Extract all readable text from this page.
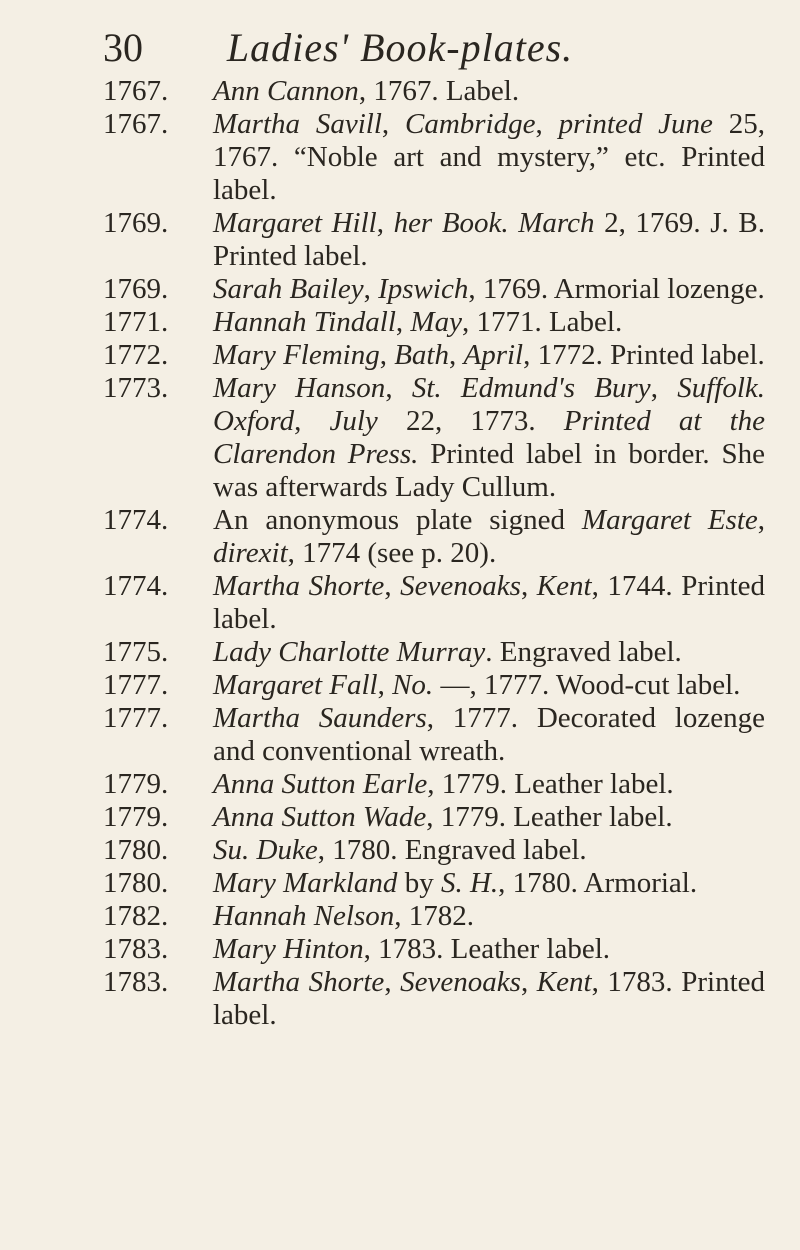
30	Ladies' Book-plates.
1767. Ann Cannon, 1767. Label.
1767. Martha Savill, Cambridge, printed June 25, 1767. “Noble art and mystery,” etc. Printed label.
1769. Margaret Hill, her Book. March 2, 1769. J. B. Printed label.
1769. Sarah Bailey, Ipswich, 1769. Armorial lozenge.
1771. Hannah Tindall, May, 1771. Label.
1772. Mary Fleming, Bath, April, 1772. Printed label.
1773. Mary Hanson, St. Edmund's Bury, Suffolk. Oxford, July 22, 1773. Printed at the Clarendon Press. Printed label in border. She was afterwards Lady Cullum.
1774. An anonymous plate signed Margaret Este, direxit, 1774 (see p. 20).
1774. Martha Shorte, Sevenoaks, Kent, 1744. Printed label.
1775. Lady Charlotte Murray. Engraved label.
1777. Margaret Fall, No. —, 1777. Wood-cut label.
1777. Martha Saunders, 1777. Decorated lozenge and conventional wreath.
1779. Anna Sutton Earle, 1779. Leather label.
1779. Anna Sutton Wade, 1779. Leather label.
1780. Su. Duke, 1780. Engraved label.
1780. Mary Markland by S. H., 1780. Armorial.
1782. Hannah Nelson, 1782.
1783. Mary Hinton, 1783. Leather label.
1783. Martha Shorte, Sevenoaks, Kent, 1783. Printed label.
